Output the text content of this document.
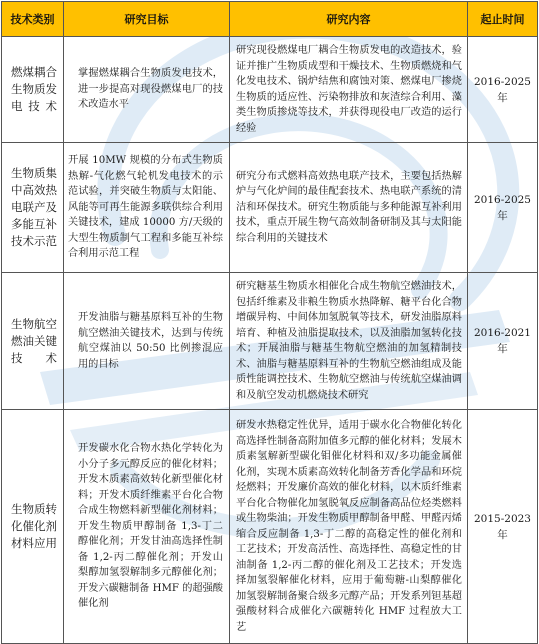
技术类别	研究目标	研究内容	起止时间
燃煤耦合生物质发电技术	掌握燃煤耦合生物质发电技术，进一步提高对现役燃煤电厂的技术改造水平	研究现役燃煤电厂耦合生物质发电的改造技术，验证并推广生物质成型和干燥技术、生物质燃烧和气化发电技术、锅炉结焦和腐蚀对策、燃煤电厂掺烧生物质的适应性、污染物排放和灰渣综合利用、藻类生物质掺烧等技术，并获得现役电厂改造的运行经验	2016-2025年
生物质集中高效热电联产及多能互补技术示范	开展 10MW 规模的分布式生物质热解-气化燃气轮机发电技术的示范试验，并突破生物质与太阳能、风能等可再生能源多联供综合利用关键技术，建成 10000 方/天级的大型生物质制气工程和多能互补综合利用示范工程	研究分布式燃料高效热电联产技术，主要包括热解炉与气化炉间的最佳配套技术、热电联产系统的清洁和环保技术。研究生物质能与多种能源互补利用技术，重点开展生物气高效制备研制及其与太阳能综合利用的关键技术	2016-2025年
生物航空燃油关键技术	开发油脂与糖基原料互补的生物航空燃油关键技术，达到与传统航空煤油以 50:50 比例掺混应用的目标	研究糖基生物质水相催化合成生物航空燃油技术，包括纤维素及非粮生物质水热降解、糖平台化合物增碳异构、中间体加氢脱氧等技术，研发油脂原料培育、种植及油脂提取技术，以及油脂加氢转化技术；开展油脂与糖基生物航空燃油的加氢精制技术、油脂与糖基原料互补的生物航空燃油组成及能质性能调控技术、生物航空燃油与传统航空煤油调和及航空发动机燃烧技术研究	2016-2021年
生物质转化催化剂材料应用	开发碳水化合物水热化学转化为小分子多元醇反应的催化材料；开发木质素高效转化新型催化材料；开发木质纤维素平台化合物合成生物燃料新型催化剂材料；开发生物质甲醇制备 1,3-丁二醇催化剂；开发甘油高选择性制备 1,2-丙二醇催化剂；开发山梨醇加氢裂解制多元醇催化剂；开发六碳糖制备 HMF 的超强酸催化剂	研发水热稳定性优异，适用于碳水化合物催化转化高选择性制备高附加值多元醇的催化材料；发展木质素氢解新型碳化钼催化材料和双/多功能金属催化剂，实现木质素高效转化制备芳香化学品和环烷烃燃料；开发廉价高效的催化材料，以木质纤维素平台化合物催化加氢脱氧反应制备高品位烃类燃料或生物柴油；开发生物质甲醇制备甲醛、甲醛丙烯缩合反应制备 1,3-丁二醇的高稳定性的催化剂和工艺技术；开发高活性、高选择性、高稳定性的甘油制备 1,2-丙二醇的催化剂及工艺技术；开发选择加氢裂解催化材料，应用于葡萄糖-山梨醇催化加氢裂解制备聚合级多元醇产品；开发系列钽基超强酸材料合成催化六碳糖转化 HMF 过程放大工艺	2015-2023年
